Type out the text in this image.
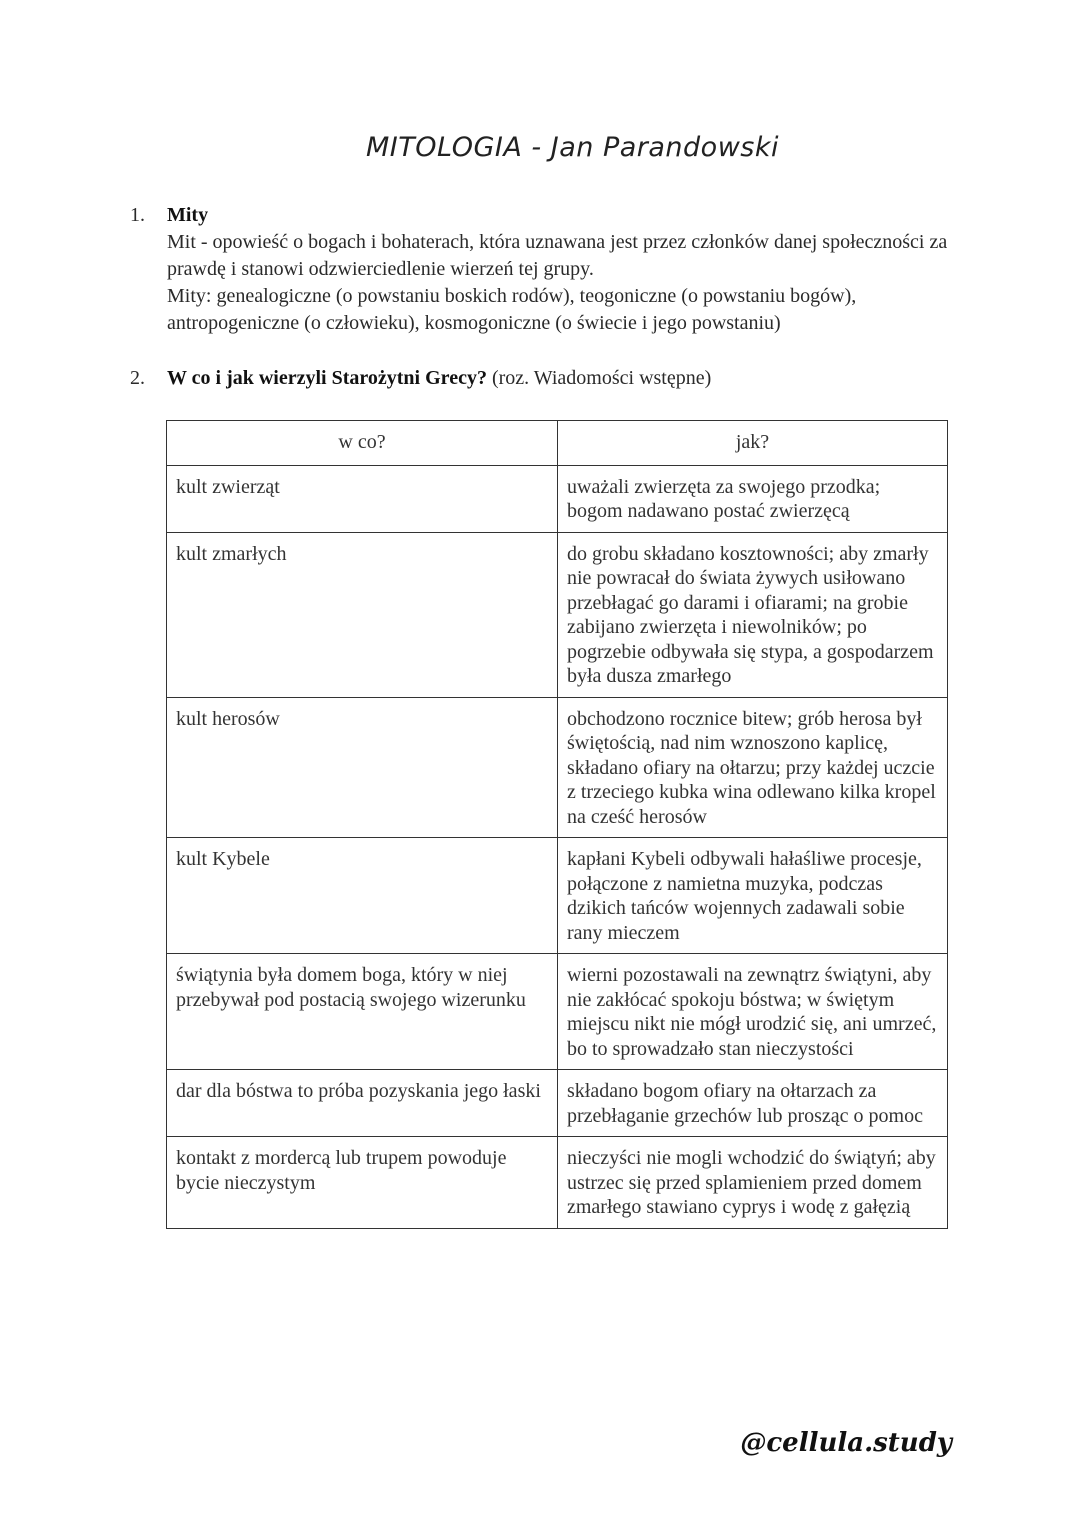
MITOLOGIA - Jan Parandowski
1.	Mity

Mit - opowieść o bogach i bohaterach, która uznawana jest przez członków danej społeczności za prawdę i stanowi odzwierciedlenie wierzeń tej grupy.

Mity: genealogiczne (o powstaniu boskich rodów), teogoniczne (o powstaniu bogów), antropogeniczne (o człowieku), kosmogoniczne (o świecie i jego powstaniu)

2.	W co i jak wierzyli Starożytni Grecy? (roz. Wiadomości wstępne)
w co?	jak?
kult zwierząt	uważali zwierzęta za swojego przodka; bogom nadawano postać zwierzęcą
kult zmarłych	do grobu składano kosztowności; aby zmarły nie powracał do świata żywych usiłowano przebłagać go darami i ofiarami; na grobie zabijano zwierzęta i niewolników; po pogrzebie odbywała się stypa, a gospodarzem była dusza zmarłego
kult herosów	obchodzono rocznice bitew; grób herosa był świętością, nad nim wznoszono kaplicę, składano ofiary na ołtarzu; przy każdej uczcie z trzeciego kubka wina odlewano kilka kropel na cześć herosów
kult Kybele	kapłani Kybeli odbywali hałaśliwe procesje, połączone z namietna muzyka, podczas dzikich tańców wojennych zadawali sobie rany mieczem
świątynia była domem boga, który w niej przebywał pod postacią swojego wizerunku	wierni pozostawali na zewnątrz świątyni, aby nie zakłócać spokoju bóstwa; w świętym miejscu nikt nie mógł urodzić się, ani umrzeć, bo to sprowadzało stan nieczystości
dar dla bóstwa to próba pozyskania jego łaski	składano bogom ofiary na ołtarzach za przebłaganie grzechów lub prosząc o pomoc
kontakt z mordercą lub trupem powoduje bycie nieczystym	nieczyści nie mogli wchodzić do świątyń; aby ustrzec się przed splamieniem przed domem zmarłego stawiano cyprys i wodę z gałęzią
@cellula.study
